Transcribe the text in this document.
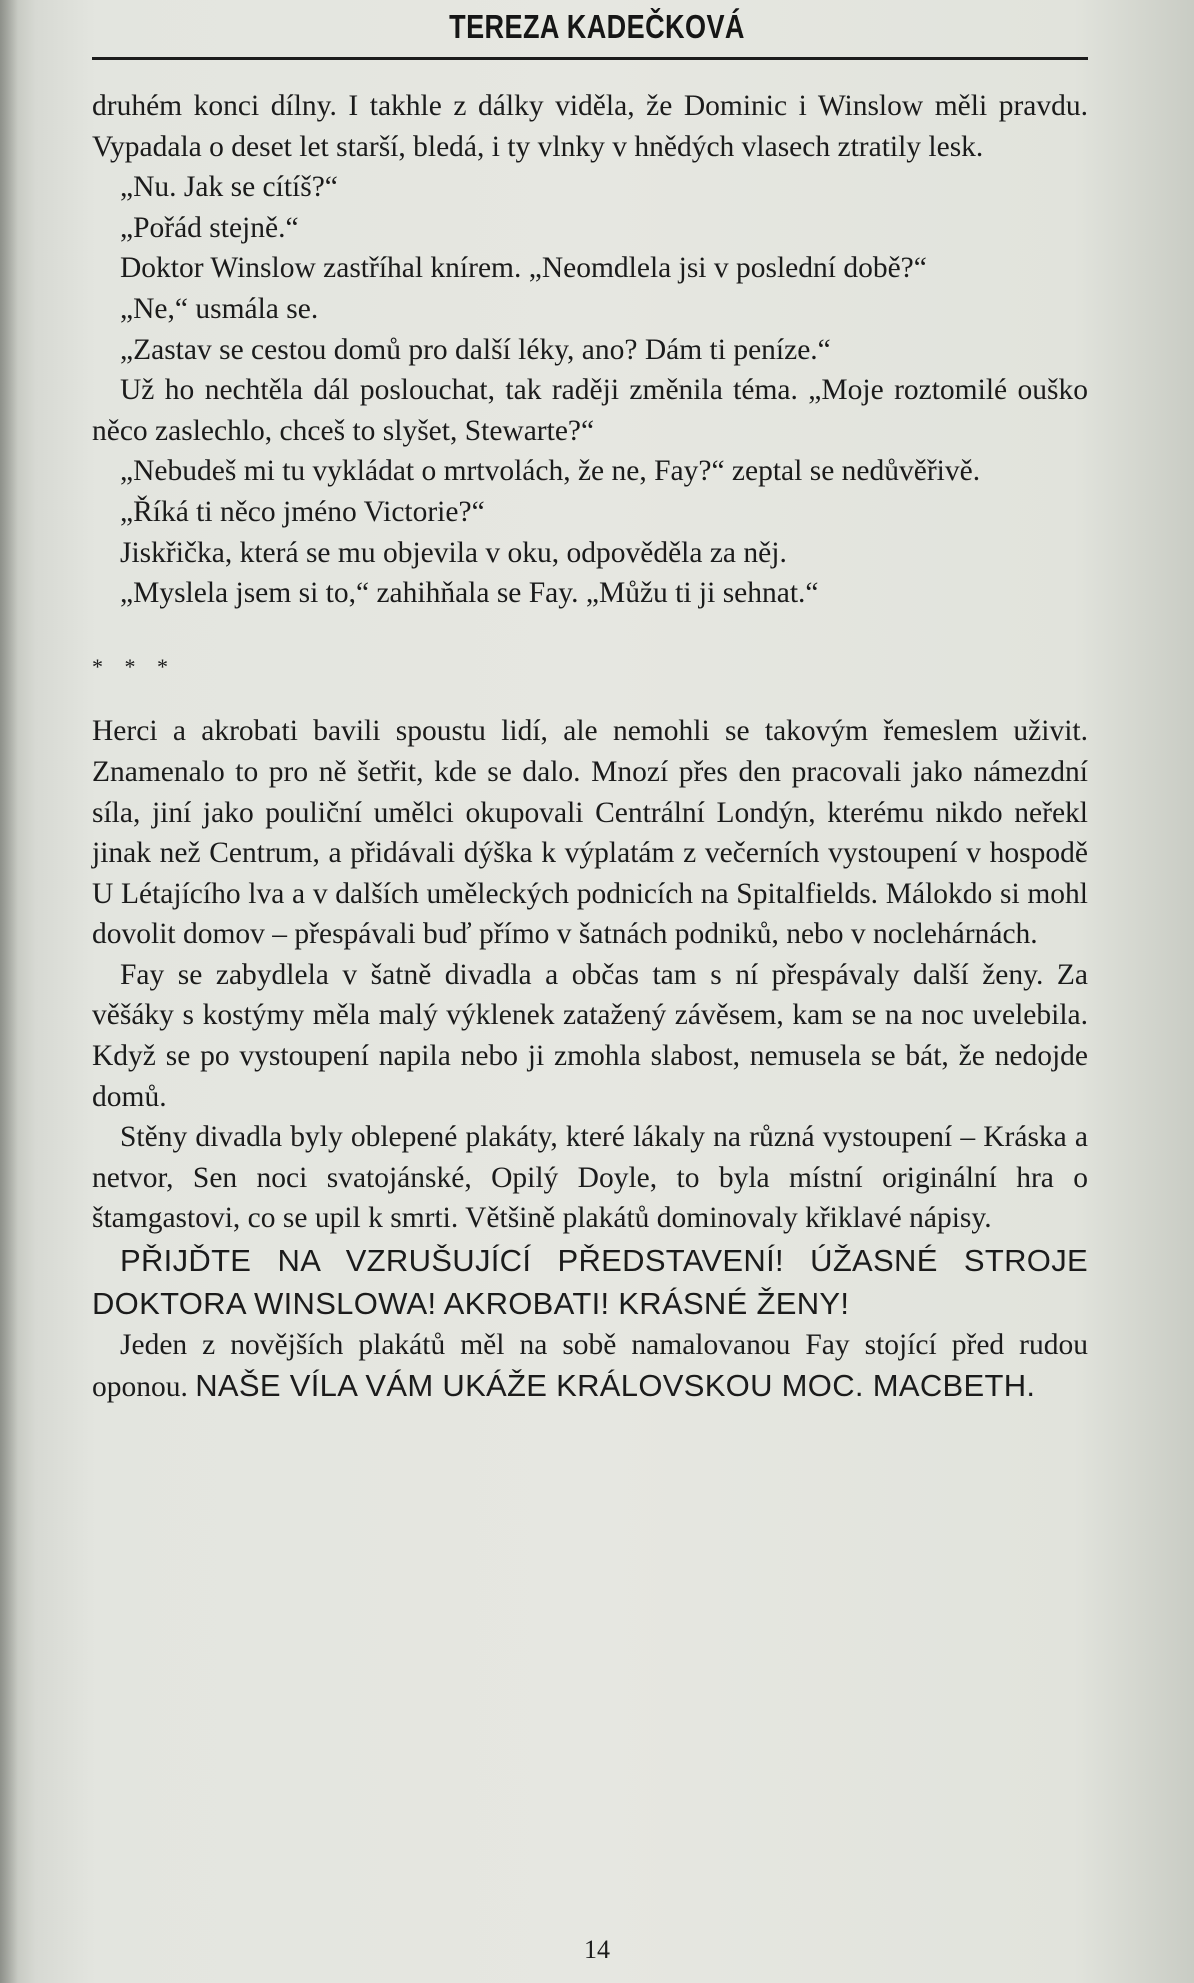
TEREZA KADEČKOVÁ

druhém konci dílny. I takhle z dálky viděla, že Dominic i Winslow měli pravdu. Vypadala o deset let starší, bledá, i ty vlnky v hnědých vlasech ztratily lesk.

„Nu. Jak se cítíš?“

„Pořád stejně.“

Doktor Winslow zastříhal knírem. „Neomdlela jsi v poslední době?“

„Ne,“ usmála se.

„Zastav se cestou domů pro další léky, ano? Dám ti peníze.“

Už ho nechtěla dál poslouchat, tak raději změnila téma. „Moje roztomilé ouško něco zaslechlo, chceš to slyšet, Stewarte?“

„Nebudeš mi tu vykládat o mrtvolách, že ne, Fay?“ zeptal se nedůvěřivě.

„Říká ti něco jméno Victorie?“

Jiskřička, která se mu objevila v oku, odpověděla za něj.

„Myslela jsem si to,“ zahihňala se Fay. „Můžu ti ji sehnat.“

* * *

Herci a akrobati bavili spoustu lidí, ale nemohli se takovým řemeslem uživit. Znamenalo to pro ně šetřit, kde se dalo. Mnozí přes den pracovali jako námezdní síla, jiní jako pouliční umělci okupovali Centrální Londýn, kterému nikdo neřekl jinak než Centrum, a přidávali dýška k výplatám z večerních vystoupení v hospodě U Létajícího lva a v dalších uměleckých podnicích na Spitalfields. Málokdo si mohl dovolit domov – přespávali buď přímo v šatnách podniků, nebo v noclehárnách.

Fay se zabydlela v šatně divadla a občas tam s ní přespávaly další ženy. Za věšáky s kostýmy měla malý výklenek zatažený závěsem, kam se na noc uvelebila. Když se po vystoupení napila nebo ji zmohla slabost, nemusela se bát, že nedojde domů.

Stěny divadla byly oblepené plakáty, které lákaly na různá vystoupení – Kráska a netvor, Sen noci svatojánské, Opilý Doyle, to byla místní originální hra o štamgastovi, co se upil k smrti. Většině plakátů dominovaly křiklavé nápisy.

PŘIJĎTE NA VZRUŠUJÍCÍ PŘEDSTAVENÍ! ÚŽASNÉ STROJE DOKTORA WINSLOWA! AKROBATI! KRÁSNÉ ŽENY!

Jeden z novějších plakátů měl na sobě namalovanou Fay stojící před rudou oponou. NAŠE VÍLA VÁM UKÁŽE KRÁLOVSKOU MOC. MACBETH.

14
